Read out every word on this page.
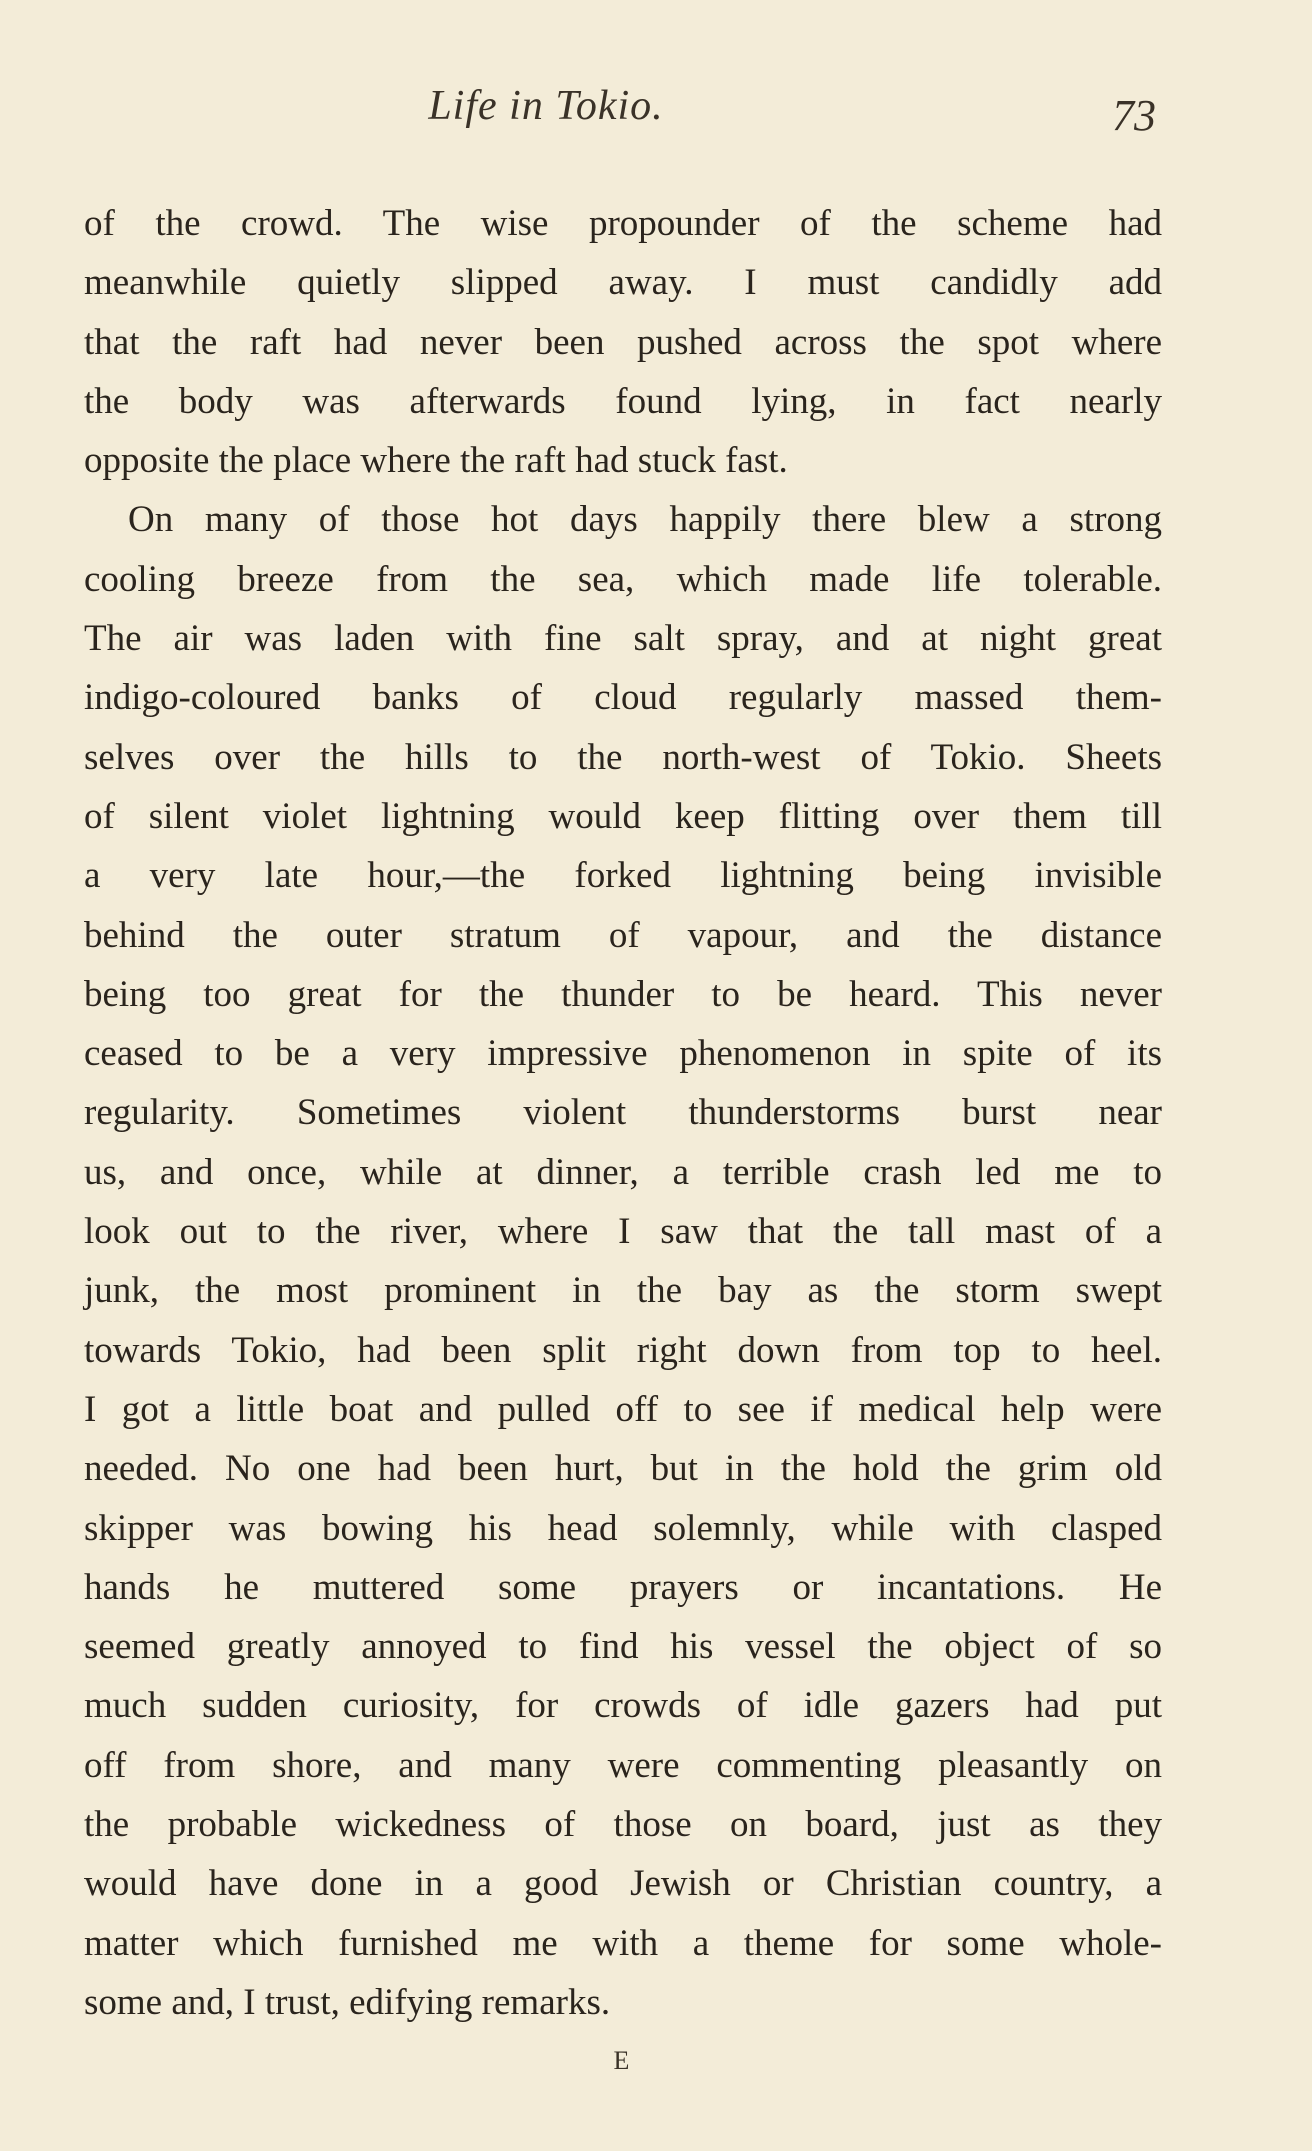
Life in Tokio.	73
of the crowd. The wise propounder of the scheme had
meanwhile quietly slipped away. I must candidly add
that the raft had never been pushed across the spot where
the body was afterwards found lying, in fact nearly
opposite the place where the raft had stuck fast.
On many of those hot days happily there blew a strong
cooling breeze from the sea, which made life tolerable.
The air was laden with fine salt spray, and at night great
indigo-coloured banks of cloud regularly massed them-
selves over the hills to the north-west of Tokio. Sheets
of silent violet lightning would keep flitting over them till
a very late hour,—the forked lightning being invisible
behind the outer stratum of vapour, and the distance
being too great for the thunder to be heard. This never
ceased to be a very impressive phenomenon in spite of its
regularity. Sometimes violent thunderstorms burst near
us, and once, while at dinner, a terrible crash led me to
look out to the river, where I saw that the tall mast of a
junk, the most prominent in the bay as the storm swept
towards Tokio, had been split right down from top to heel.
I got a little boat and pulled off to see if medical help were
needed. No one had been hurt, but in the hold the grim old
skipper was bowing his head solemnly, while with clasped
hands he muttered some prayers or incantations. He
seemed greatly annoyed to find his vessel the object of so
much sudden curiosity, for crowds of idle gazers had put
off from shore, and many were commenting pleasantly on
the probable wickedness of those on board, just as they
would have done in a good Jewish or Christian country, a
matter which furnished me with a theme for some whole-
some and, I trust, edifying remarks.
E
